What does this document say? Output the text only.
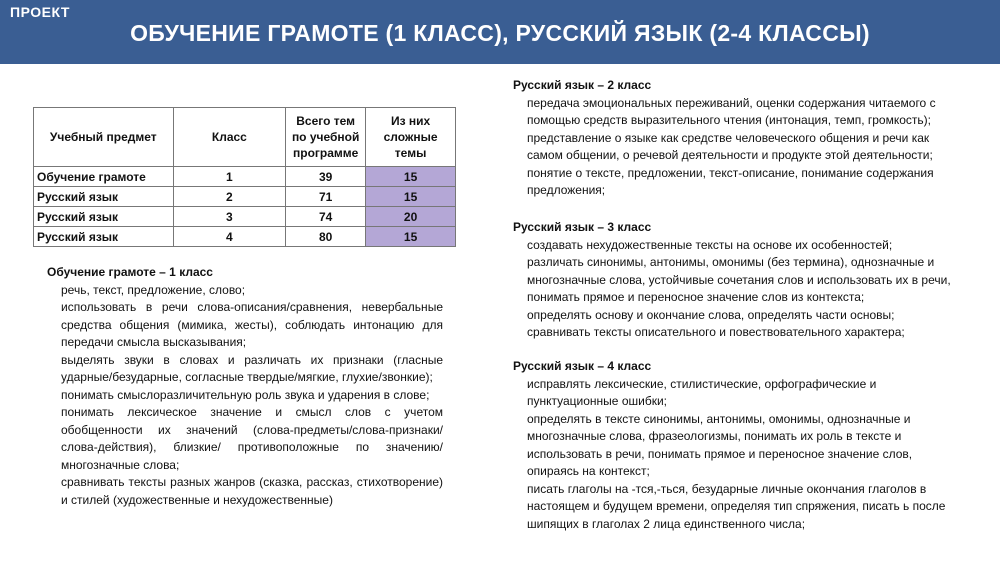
ПРОЕКТ
ОБУЧЕНИЕ ГРАМОТЕ (1 КЛАСС), РУССКИЙ ЯЗЫК (2-4 КЛАССЫ)
Учебный предмет	Класс	Всего тем по учебной программе	Из них сложные темы
Обучение грамоте	1	39	15
Русский язык	2	71	15
Русский язык	3	74	20
Русский язык	4	80	15
Обучение грамоте – 1 класс

речь, текст, предложение, слово;

использовать в речи слова-описания/сравнения, невербальные средства общения (мимика, жесты), соблюдать интонацию для передачи смысла высказывания;

выделять звуки в словах и различать их признаки (гласные ударные/безударные, согласные твердые/мягкие, глухие/звонкие);

понимать смыслоразличительную роль звука и ударения в слове;

понимать лексическое значение и смысл слов с учетом обобщенности их значений (слова-предметы/слова-признаки/слова-действия), близкие/ противоположные по значению/многозначные слова;

сравнивать тексты разных жанров (сказка, рассказ, стихотворение) и стилей (художественные и нехудожественные)

Русский язык – 2 класс

передача эмоциональных переживаний, оценки содержания читаемого с помощью средств выразительного чтения (интонация, темп, громкость);

представление о языке как средстве человеческого общения и речи как самом общении, о речевой деятельности и продукте этой деятельности;

понятие о тексте, предложении, текст-описание, понимание содержания предложения;

Русский язык – 3 класс

создавать нехудожественные тексты на основе их особенностей;

различать синонимы, антонимы, омонимы (без термина), однозначные и многозначные слова, устойчивые сочетания слов и использовать их в речи,

понимать прямое и переносное значение слов из контекста;

определять основу и окончание слова, определять части основы;

сравнивать тексты описательного и повествовательного характера;

Русский язык – 4 класс

исправлять лексические, стилистические, орфографические и пунктуационные ошибки;

определять в тексте синонимы, антонимы, омонимы, однозначные и многозначные слова, фразеологизмы, понимать их роль в тексте и использовать в речи, понимать прямое и переносное значение слов, опираясь на контекст;

писать глаголы на -тся,-ться, безударные личные окончания глаголов в настоящем и будущем времени, определяя тип спряжения, писать ь после шипящих в глаголах 2 лица единственного числа;
